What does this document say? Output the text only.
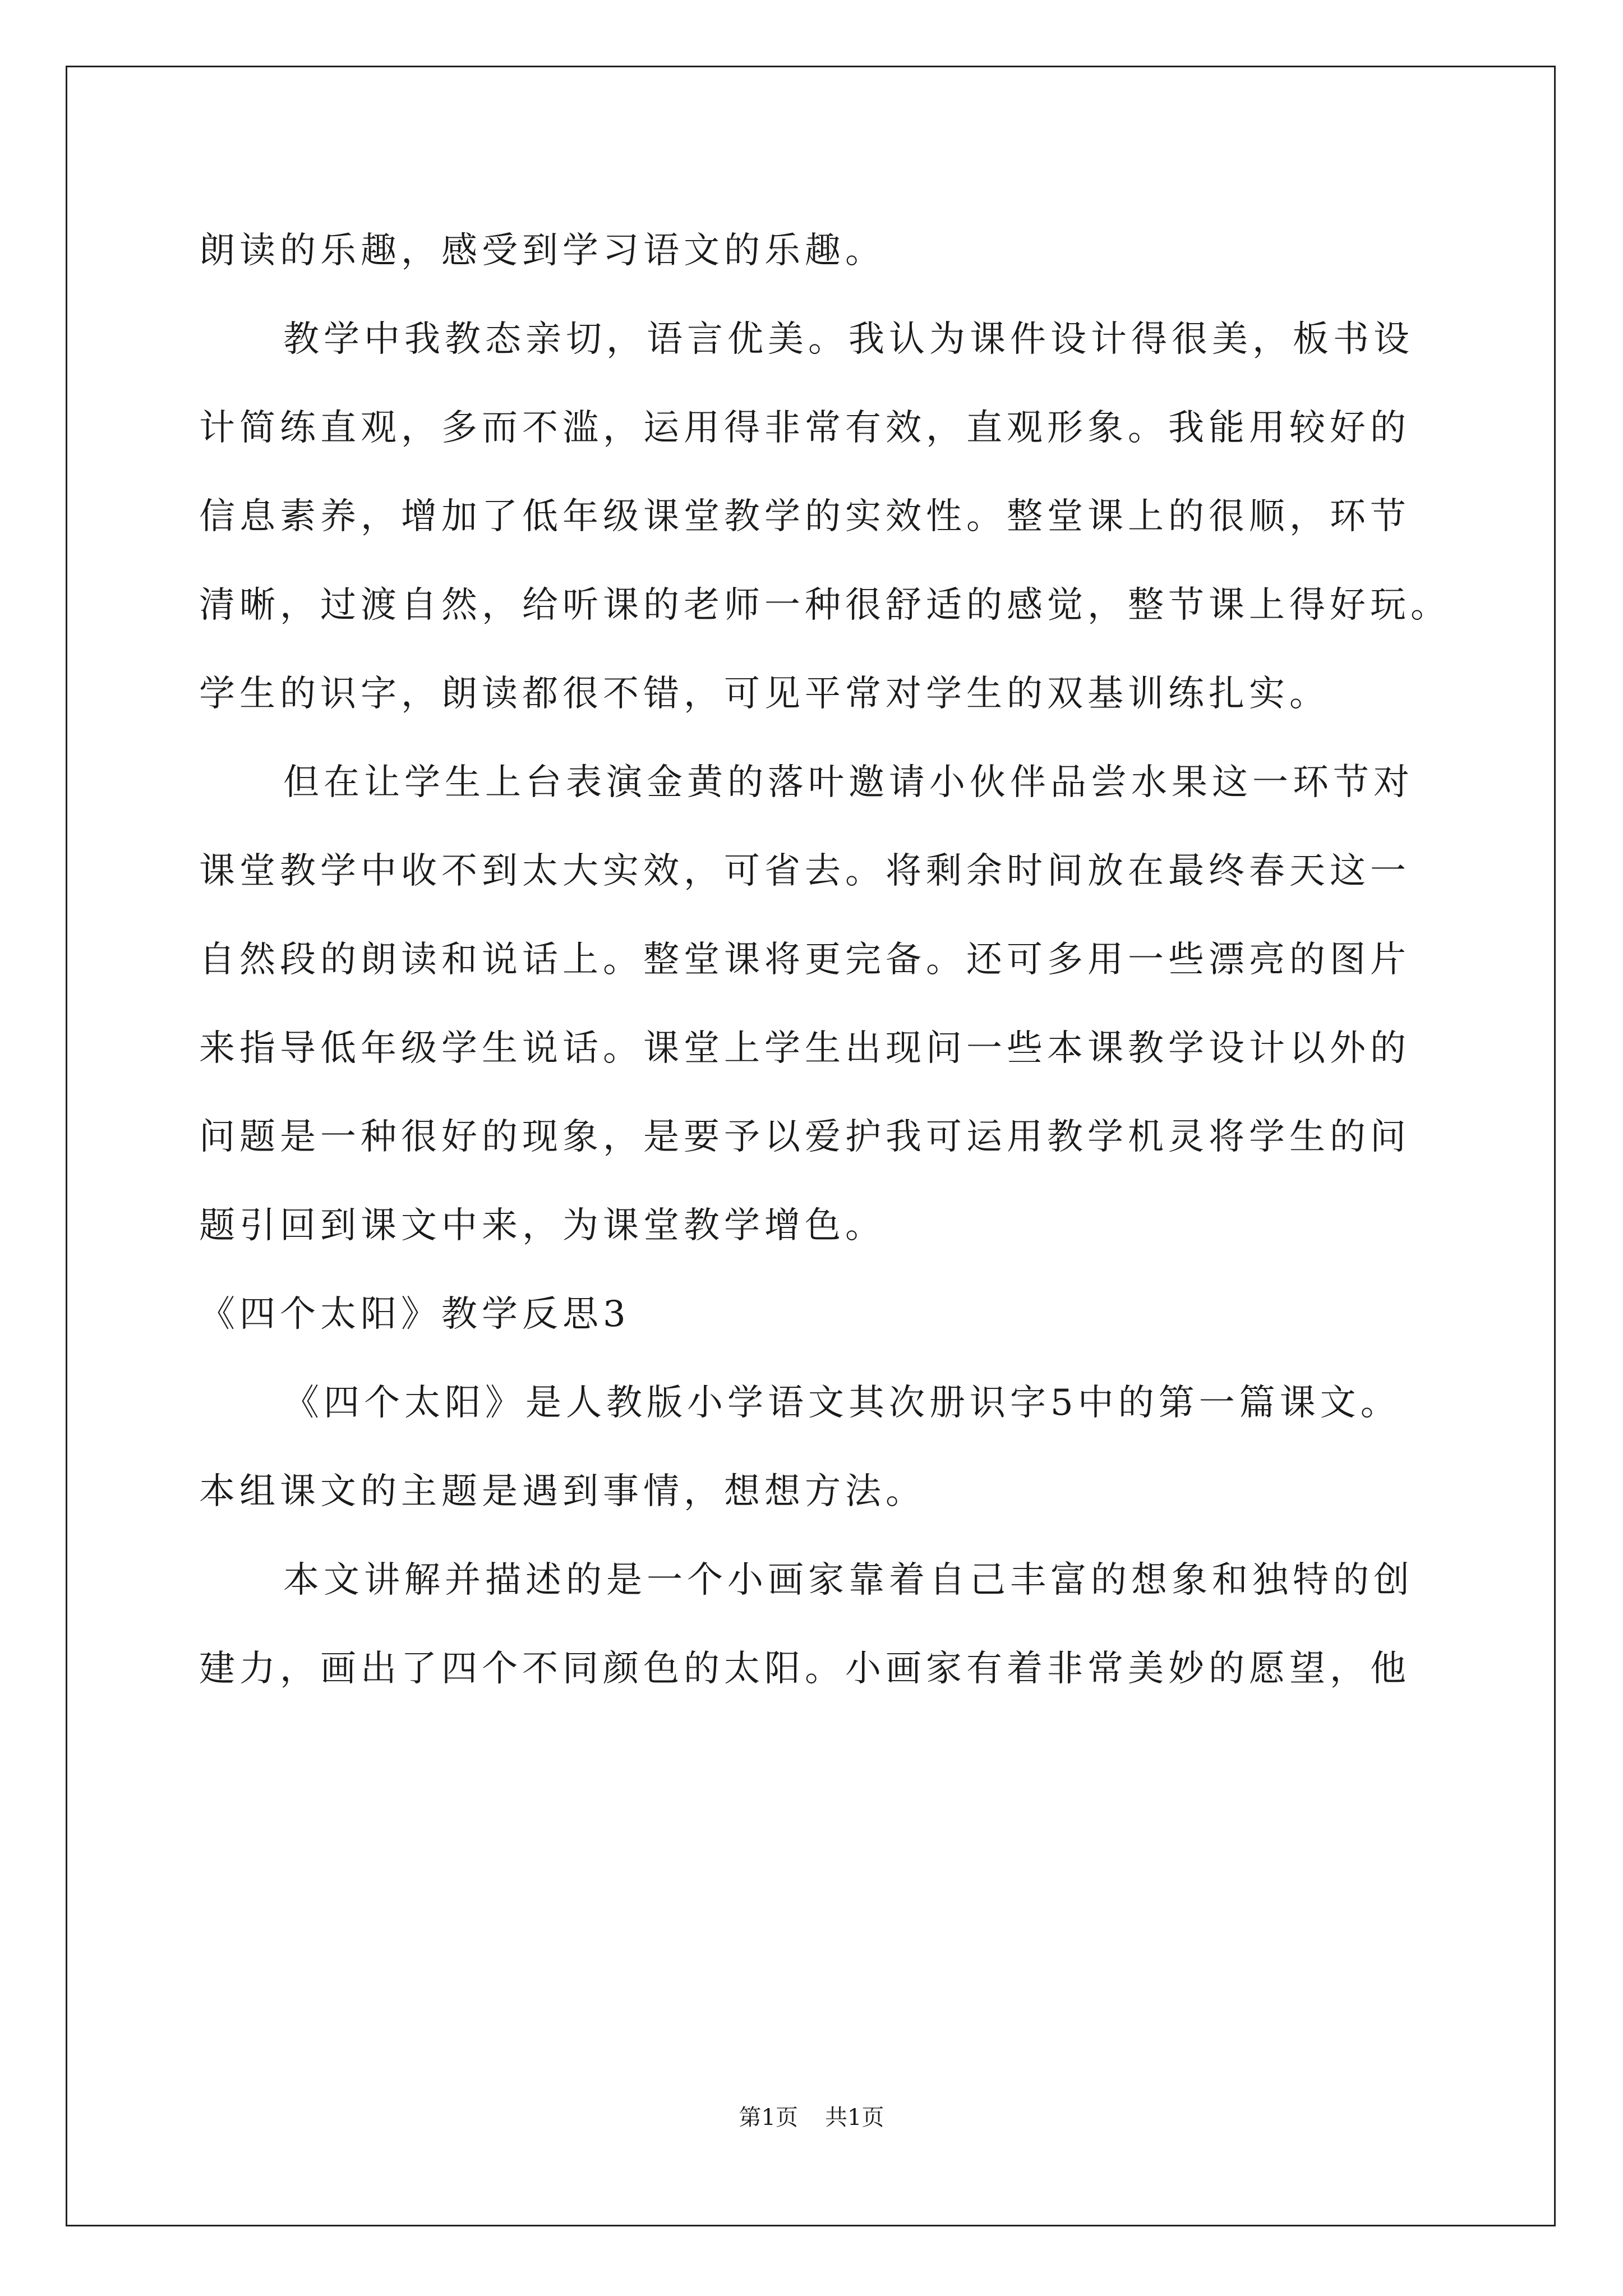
朗读的乐趣，感受到学习语文的乐趣。
教学中我教态亲切，语言优美。我认为课件设计得很美，板书设
计简练直观，多而不滥，运用得非常有效，直观形象。我能用较好的
信息素养，增加了低年级课堂教学的实效性。整堂课上的很顺，环节
清晰，过渡自然，给听课的老师一种很舒适的感觉，整节课上得好玩。
学生的识字，朗读都很不错，可见平常对学生的双基训练扎实。
但在让学生上台表演金黄的落叶邀请小伙伴品尝水果这一环节对
课堂教学中收不到太大实效，可省去。将剩余时间放在最终春天这一
自然段的朗读和说话上。整堂课将更完备。还可多用一些漂亮的图片
来指导低年级学生说话。课堂上学生出现问一些本课教学设计以外的
问题是一种很好的现象，是要予以爱护我可运用教学机灵将学生的问
题引回到课文中来，为课堂教学增色。
《四个太阳》教学反思3
《四个太阳》是人教版小学语文其次册识字5中的第一篇课文。
本组课文的主题是遇到事情，想想方法。
本文讲解并描述的是一个小画家靠着自己丰富的想象和独特的创
建力，画出了四个不同颜色的太阳。小画家有着非常美妙的愿望，他
第1页 共1页
